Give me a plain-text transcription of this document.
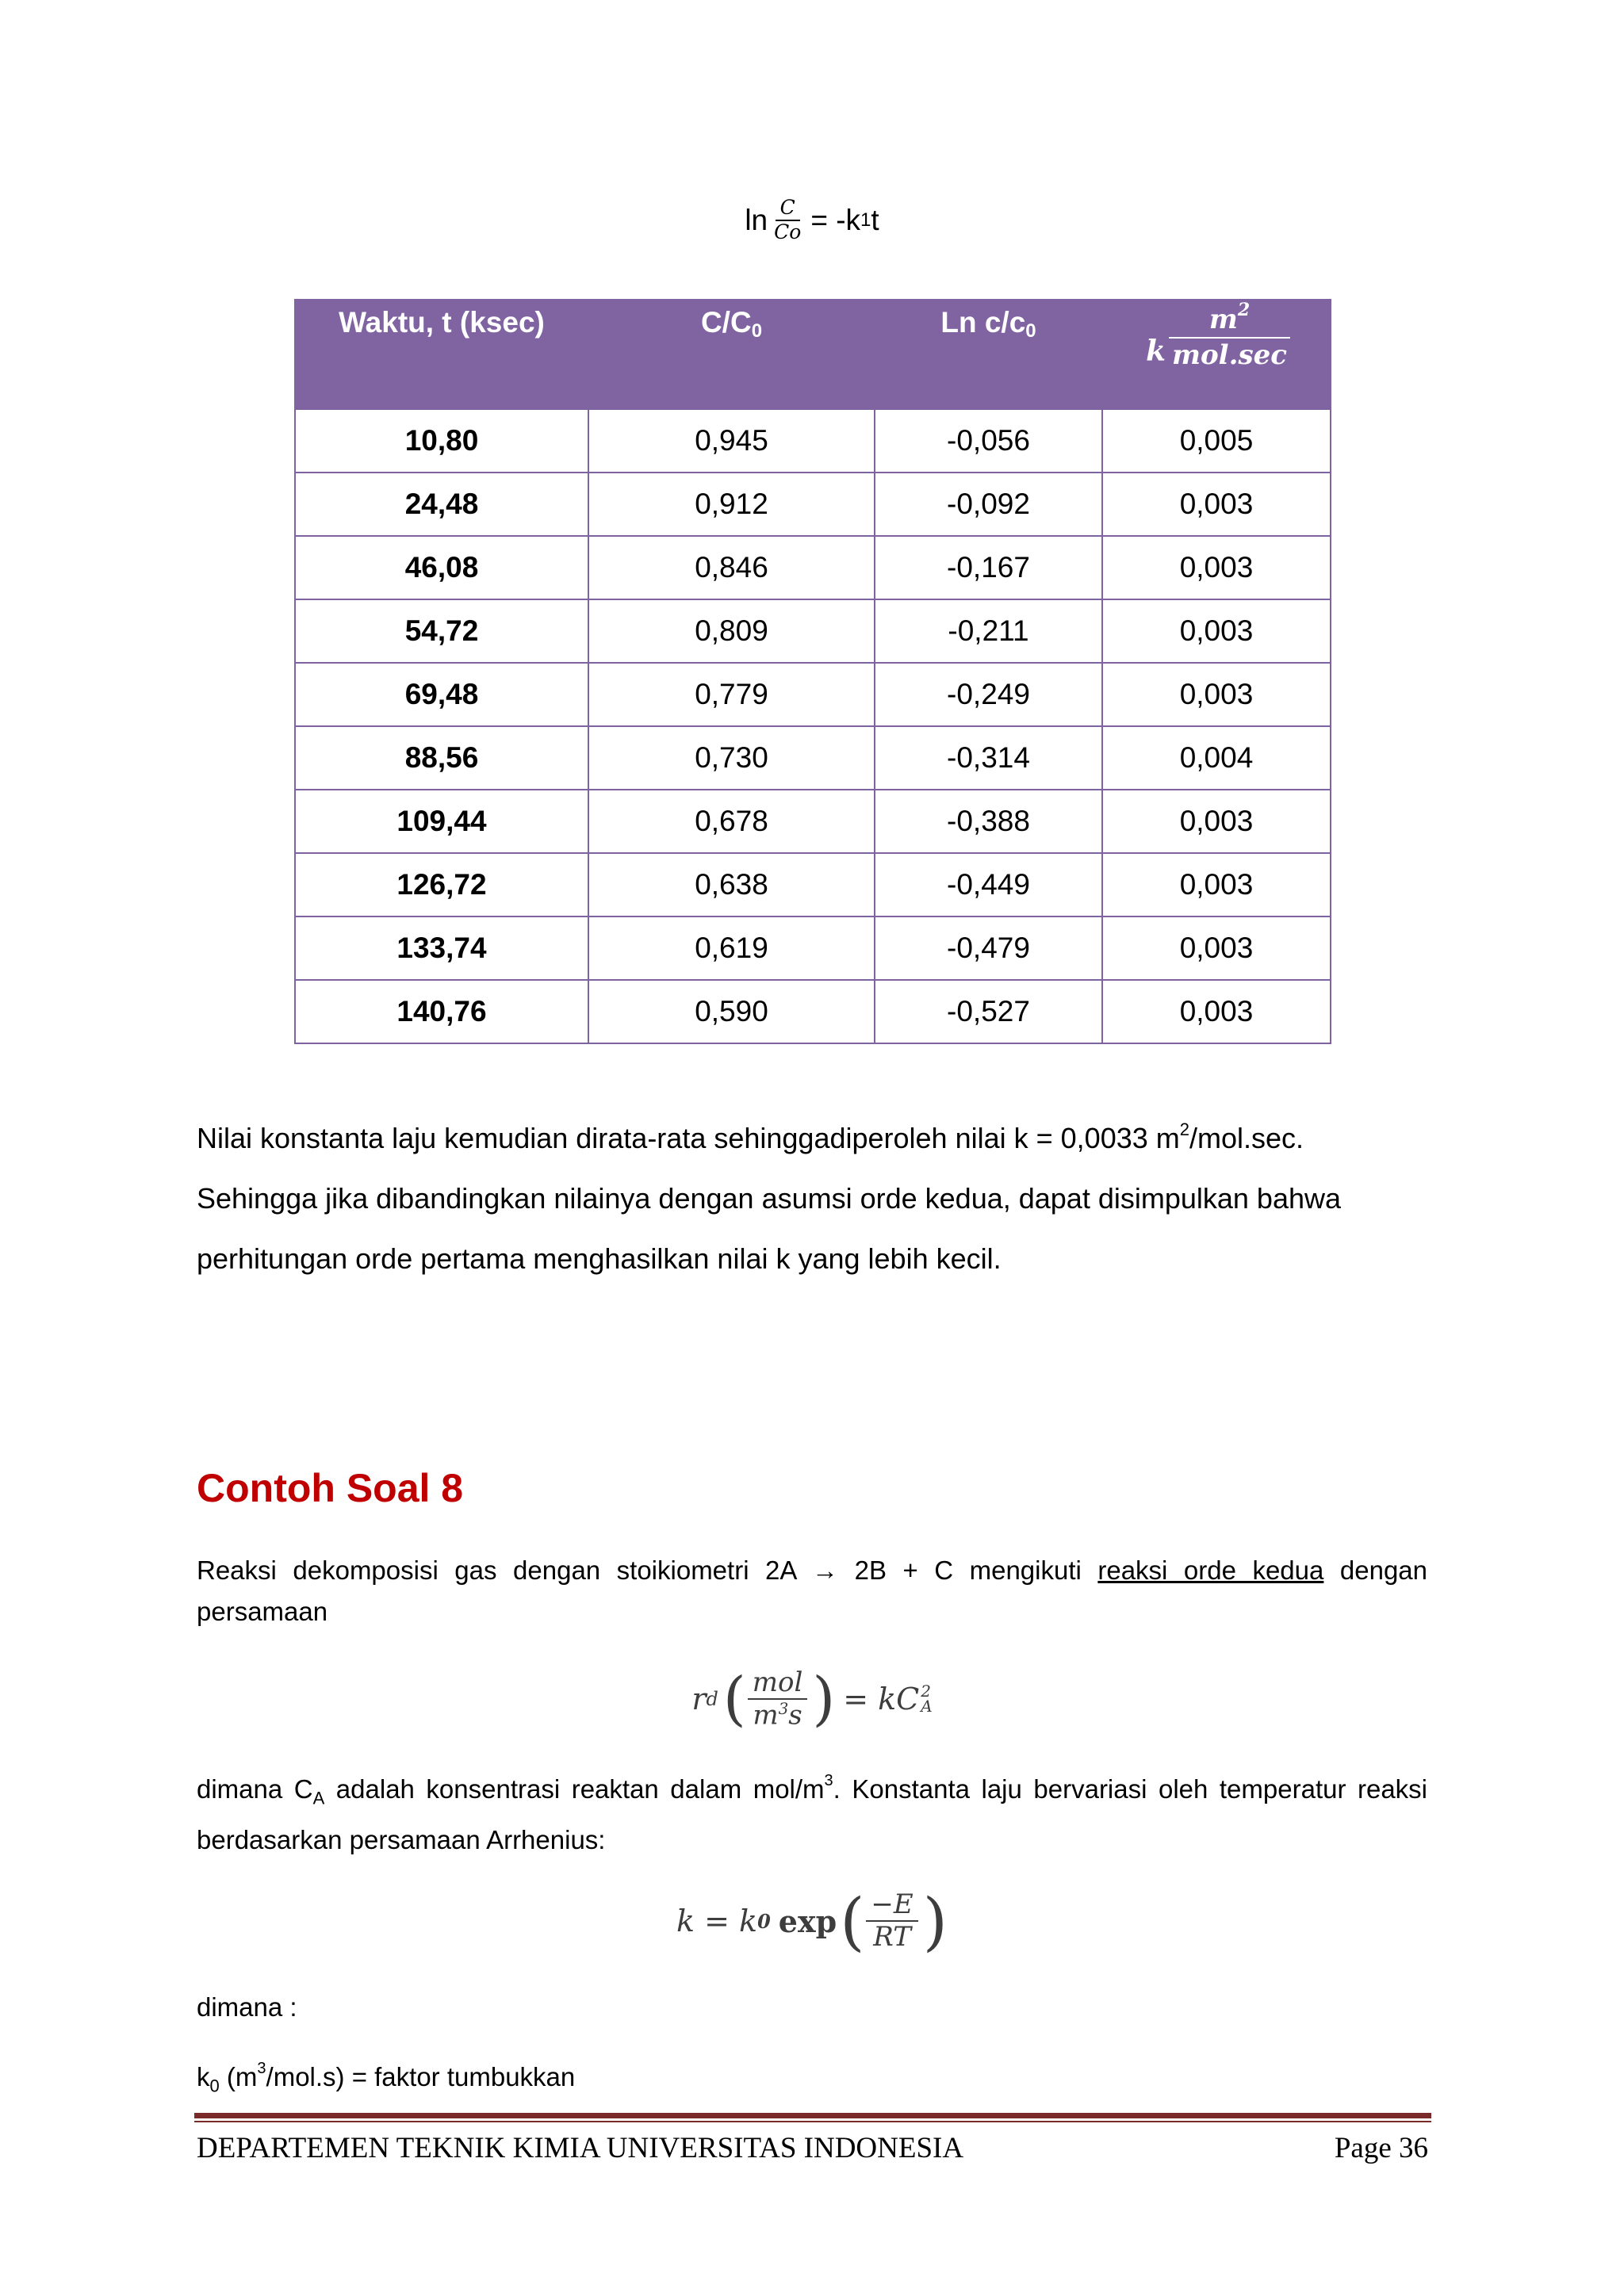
$\ln \frac{C}{Co} = -k$ 1 t
Waktu, t (ksec)	$C/C_0$	Ln $c/c_0$	k
$m^2$
mol.sec

10,80	0,945	-0,056	0,005
24,48	0,912	-0,092	0,003
46,08	0,846	-0,167	0,003
54,72	0,809	-0,211	0,003
69,48	0,779	-0,249	0,003
88,56	0,730	-0,314	0,004
109,44	0,678	-0,388	0,003
126,72	0,638	-0,449	0,003
133,74	0,619	-0,479	0,003
140,76	0,590	-0,527	0,003
Nilai konstanta laju kemudian dirata-rata sehinggadiperoleh nilai k = 0,0033 $m^2/mol.\sec$.
Sehingga jika dibandingkan nilainya dengan asumsi orde kedua, dapat disimpulkan bahwa
perhitungan orde pertama menghasilkan nilai k yang lebih kecil.
Contoh Soal 8
Reaksi dekomposisi gas dengan stoikiometri 2A → 2B + C mengikuti reaksi orde kedua dengan persamaan
r d ( $\frac{\text{mol}}{m^3s}$ ) = kC 2
A
dimana $C_A$ adalah konsentrasi reaktan dalam mol/$m^3$. Konstanta laju bervariasi oleh temperatur reaksi berdasarkan persamaan Arrhenius:
k = k 0 exp ( $\frac{-E}{RT}$ )
dimana :
$k_0$ $(m^3/mol.s)$ = faktor tumbukkan
DEPARTEMEN TEKNIK KIMIA UNIVERSITAS INDONESIA	Page 36
